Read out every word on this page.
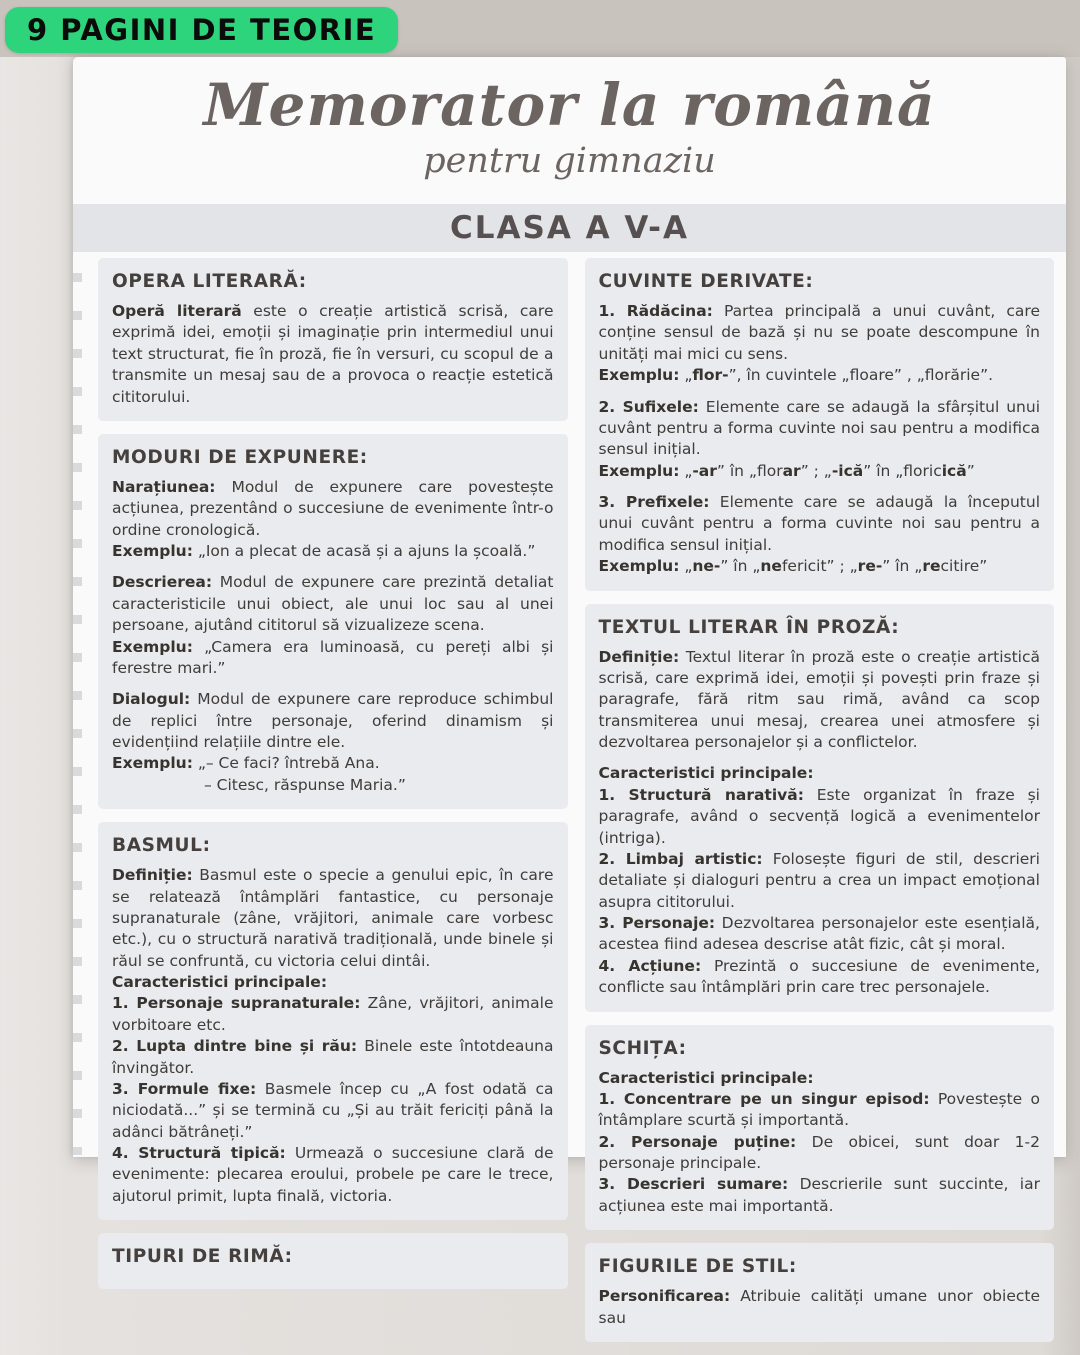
Memorator la română
pentru gimnaziu
CLASA A V-A
OPERA LITERARĂ:

Operă literară este o creație artistică scrisă, care exprimă idei, emoții și imaginație prin intermediul unui text structurat, fie în proză, fie în versuri, cu scopul de a transmite un mesaj sau de a provoca o reacție estetică cititorului.

MODURI DE EXPUNERE:

Narațiunea: Modul de expunere care povestește acțiunea, prezentând o succesiune de evenimente într-o ordine cronologică.

Exemplu: „Ion a plecat de acasă și a ajuns la școală.”

Descrierea: Modul de expunere care prezintă detaliat caracteristicile unui obiect, ale unui loc sau al unei persoane, ajutând cititorul să vizualizeze scena.

Exemplu: „Camera era luminoasă, cu pereți albi și ferestre mari.”

Dialogul: Modul de expunere care reproduce schimbul de replici între personaje, oferind dinamism și evidențiind relațiile dintre ele.

Exemplu: „– Ce faci? întrebă Ana.

– Citesc, răspunse Maria.”

BASMUL:

Definiție: Basmul este o specie a genului epic, în care se relatează întâmplări fantastice, cu personaje supranaturale (zâne, vrăjitori, animale care vorbesc etc.), cu o structură narativă tradițională, unde binele și răul se confruntă, cu victoria celui dintâi.

Caracteristici principale:

1. Personaje supranaturale: Zâne, vrăjitori, animale vorbitoare etc.

2. Lupta dintre bine și rău: Binele este întotdeauna învingător.

3. Formule fixe: Basmele încep cu „A fost odată ca niciodată...” și se termină cu „Și au trăit fericiți până la adânci bătrâneți.”

4. Structură tipică: Urmează o succesiune clară de evenimente: plecarea eroului, probele pe care le trece, ajutorul primit, lupta finală, victoria.

TIPURI DE RIMĂ:
CUVINTE DERIVATE:

1. Rădăcina: Partea principală a unui cuvânt, care conține sensul de bază și nu se poate descompune în unități mai mici cu sens.

Exemplu: „flor-”, în cuvintele „floare” , „florărie”.

2. Sufixele: Elemente care se adaugă la sfârșitul unui cuvânt pentru a forma cuvinte noi sau pentru a modifica sensul inițial.

Exemplu: „-ar” în „florar” ; „-ică” în „floricică”

3. Prefixele: Elemente care se adaugă la începutul unui cuvânt pentru a forma cuvinte noi sau pentru a modifica sensul inițial.

Exemplu: „ne-” în „nefericit” ; „re-” în „recitire”

TEXTUL LITERAR ÎN PROZĂ:

Definiție: Textul literar în proză este o creație artistică scrisă, care exprimă idei, emoții și povești prin fraze și paragrafe, fără ritm sau rimă, având ca scop transmiterea unui mesaj, crearea unei atmosfere și dezvoltarea personajelor și a conflictelor.

Caracteristici principale:

1. Structură narativă: Este organizat în fraze și paragrafe, având o secvență logică a evenimentelor (intriga).

2. Limbaj artistic: Folosește figuri de stil, descrieri detaliate și dialoguri pentru a crea un impact emoțional asupra cititorului.

3. Personaje: Dezvoltarea personajelor este esențială, acestea fiind adesea descrise atât fizic, cât și moral.

4. Acțiune: Prezintă o succesiune de evenimente, conflicte sau întâmplări prin care trec personajele.

SCHIȚA:

Caracteristici principale:

1. Concentrare pe un singur episod: Povestește o întâmplare scurtă și importantă.

2. Personaje puține: De obicei, sunt doar 1-2 personaje principale.

3. Descrieri sumare: Descrierile sunt succinte, iar acțiunea este mai importantă.

FIGURILE DE STIL:

Personificarea: Atribuie calități umane unor obiecte sau

9 PAGINI DE TEORIE
